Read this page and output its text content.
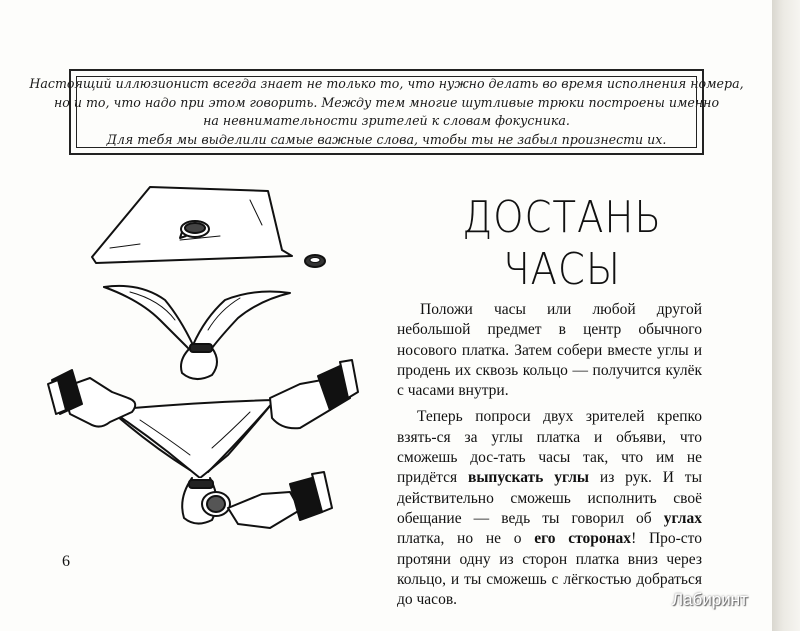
Настоящий иллюзионист всегда знает не только то, что нужно делать во время исполнения номера,
но и то, что надо при этом говорить. Между тем многие шутливые трюки построены именно
на невнимательности зрителей к словам фокусника.
Для тебя мы выделили самые важные слова, чтобы ты не забыл произнести их.
ДОСТАНЬ
ЧАСЫ

Положи часы или любой другой небольшой предмет в центр обычного носового платка. Затем собери вместе углы и продень их сквозь кольцо — получится кулёк с часами внутри.

Теперь попроси двух зрителей крепко взять-ся за углы платка и объяви, что сможешь дос-тать часы так, что им не придётся выпускать углы из рук. И ты действительно сможешь исполнить своё обещание — ведь ты говорил об углах платка, но не о его сторонах! Про-сто протяни одну из сторон платка вниз через кольцо, и ты сможешь с лёгкостью добраться до часов.

6
Лабиринт
